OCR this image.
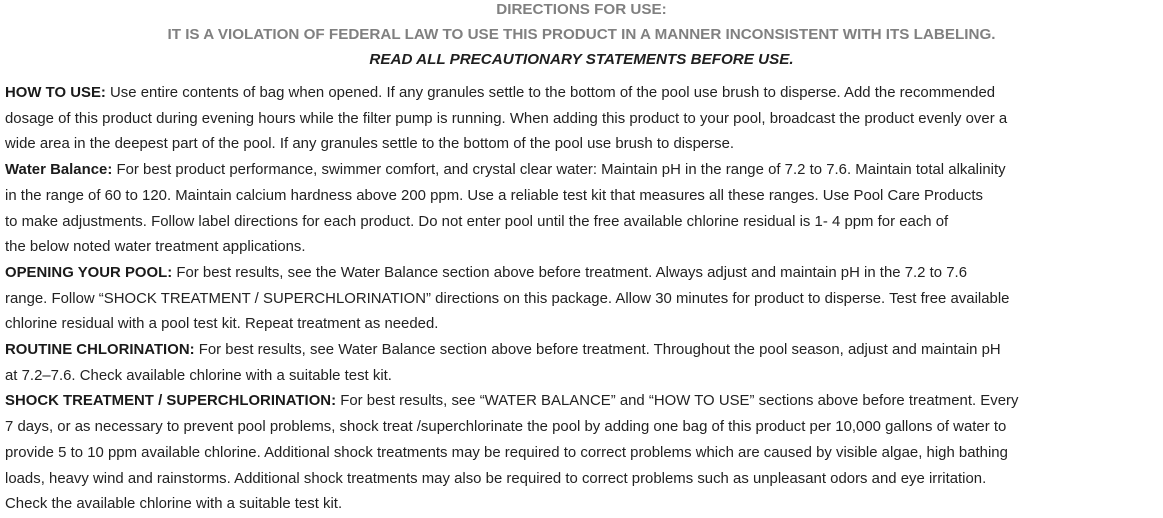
DIRECTIONS FOR USE:
IT IS A VIOLATION OF FEDERAL LAW TO USE THIS PRODUCT IN A MANNER INCONSISTENT WITH ITS LABELING.
READ ALL PRECAUTIONARY STATEMENTS BEFORE USE.
HOW TO USE: Use entire contents of bag when opened. If any granules settle to the bottom of the pool use brush to disperse. Add the recommended
dosage of this product during evening hours while the filter pump is running. When adding this product to your pool, broadcast the product evenly over a
wide area in the deepest part of the pool. If any granules settle to the bottom of the pool use brush to disperse.
Water Balance: For best product performance, swimmer comfort, and crystal clear water: Maintain pH in the range of 7.2 to 7.6. Maintain total alkalinity
in the range of 60 to 120. Maintain calcium hardness above 200 ppm. Use a reliable test kit that measures all these ranges. Use Pool Care Products
to make adjustments. Follow label directions for each product. Do not enter pool until the free available chlorine residual is 1- 4 ppm for each of
the below noted water treatment applications.
OPENING YOUR POOL: For best results, see the Water Balance section above before treatment. Always adjust and maintain pH in the 7.2 to 7.6
range. Follow “SHOCK TREATMENT / SUPERCHLORINATION” directions on this package. Allow 30 minutes for product to disperse. Test free available
chlorine residual with a pool test kit. Repeat treatment as needed.
ROUTINE CHLORINATION: For best results, see Water Balance section above before treatment. Throughout the pool season, adjust and maintain pH
at 7.2–7.6. Check available chlorine with a suitable test kit.
SHOCK TREATMENT / SUPERCHLORINATION: For best results, see “WATER BALANCE” and “HOW TO USE” sections above before treatment. Every
7 days, or as necessary to prevent pool problems, shock treat /superchlorinate the pool by adding one bag of this product per 10,000 gallons of water to
provide 5 to 10 ppm available chlorine. Additional shock treatments may be required to correct problems which are caused by visible algae, high bathing
loads, heavy wind and rainstorms. Additional shock treatments may also be required to correct problems such as unpleasant odors and eye irritation.
Check the available chlorine with a suitable test kit.
